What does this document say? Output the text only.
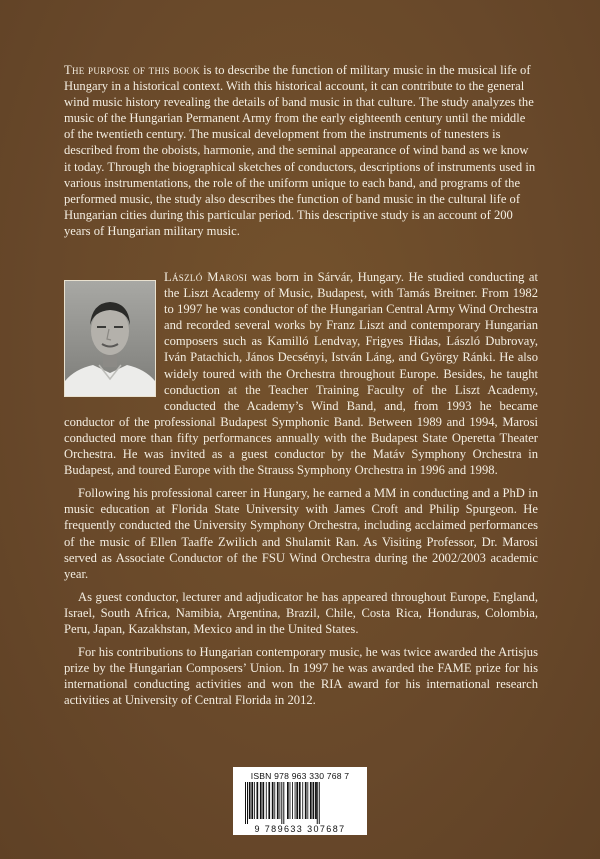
The purpose of this book is to describe the function of military music in the musical life of Hungary in a historical context. With this historical account, it can contribute to the general wind music history revealing the details of band music in that culture. The study analyzes the music of the Hungarian Permanent Army from the early eighteenth century until the middle of the twentieth century. The musical development from the instruments of tunesters is described from the oboists, harmonie, and the seminal appearance of wind band as we know it today. Through the biographical sketches of conductors, descriptions of instruments used in various instrumentations, the role of the uniform unique to each band, and programs of the performed music, the study also describes the function of band music in the cultural life of Hungarian cities during this particular period. This descriptive study is an account of 200 years of Hungarian military music.

László Marosi was born in Sárvár, Hungary. He studied conducting at the Liszt Academy of Music, Budapest, with Tamás Breitner. From 1982 to 1997 he was conductor of the Hungarian Central Army Wind Orchestra and recorded several works by Franz Liszt and contemporary Hungarian composers such as Kamilló Lendvay, Frigyes Hidas, László Dubrovay, Iván Patachich, János Decsényi, István Láng, and György Ránki. He also widely toured with the Orchestra throughout Europe. Besides, he taught conduction at the Teacher Training Faculty of the Liszt Academy, conducted the Academy’s Wind Band, and, from 1993 he became conductor of the professional Budapest Symphonic Band. Between 1989 and 1994, Marosi conducted more than fifty performances annually with the Budapest State Operetta Theater Orchestra. He was invited as a guest conductor by the Matáv Symphony Orchestra in Budapest, and toured Europe with the Strauss Symphony Orchestra in 1996 and 1998.

Following his professional career in Hungary, he earned a MM in conducting and a PhD in music education at Florida State University with James Croft and Philip Spurgeon. He frequently conducted the University Symphony Orchestra, including acclaimed performances of the music of Ellen Taaffe Zwilich and Shulamit Ran. As Visiting Professor, Dr. Marosi served as Associate Conductor of the FSU Wind Orchestra during the 2002/2003 academic year.

As guest conductor, lecturer and adjudicator he has appeared throughout Europe, England, Israel, South Africa, Namibia, Argentina, Brazil, Chile, Costa Rica, Honduras, Colombia, Peru, Japan, Kazakhstan, Mexico and in the United States.

For his contributions to Hungarian contemporary music, he was twice awarded the Artisjus prize by the Hungarian Composers’ Union. In 1997 he was awarded the FAME prize for his international conducting activities and won the RIA award for his international research activities at University of Central Florida in 2012.

ISBN 978 963 330 768 7
9 789633 307687
